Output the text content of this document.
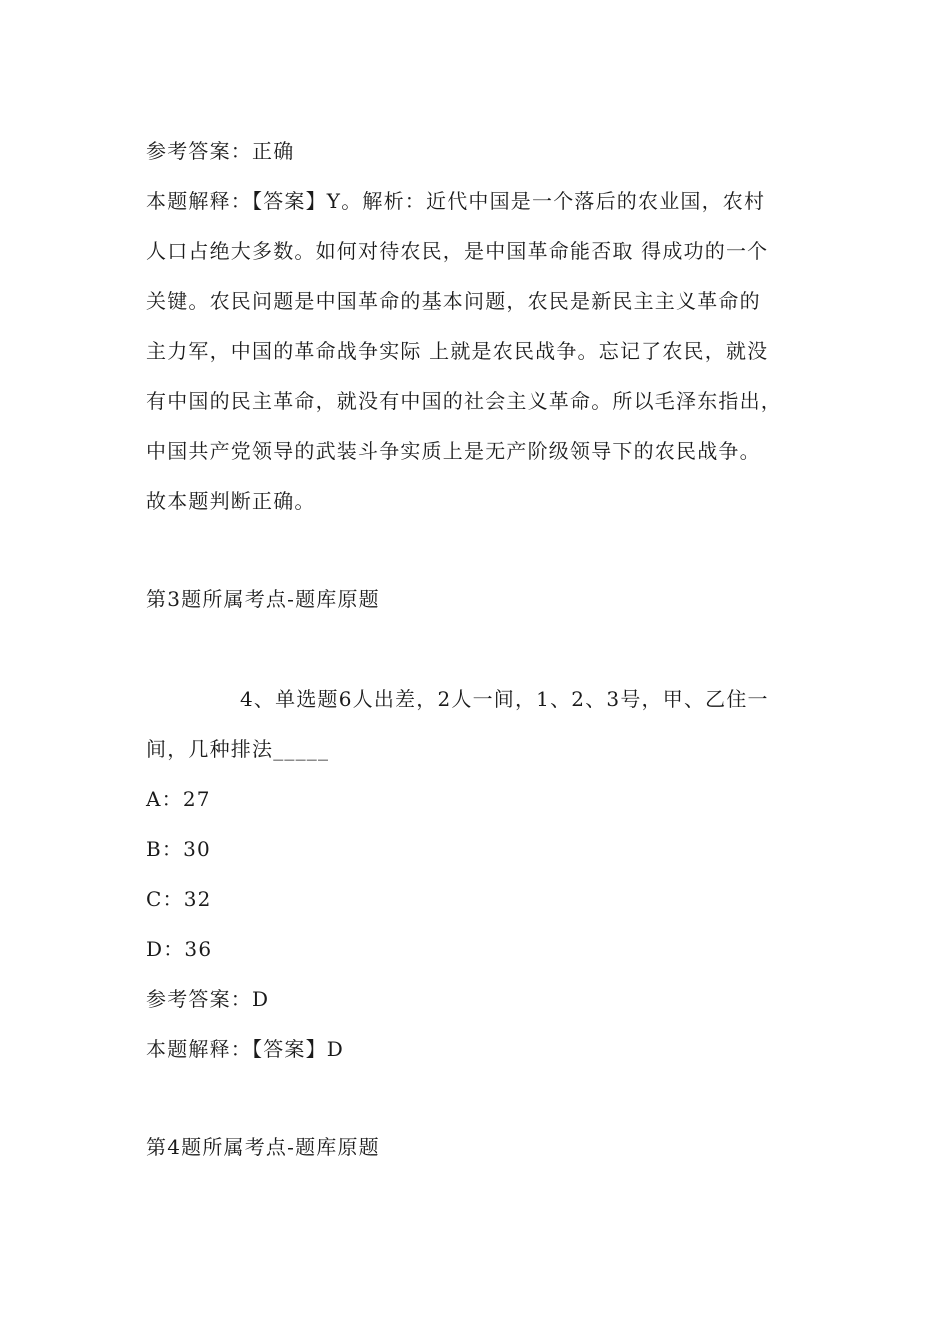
参考答案：正确
本题解释：【答案】Y。解析：近代中国是一个落后的农业国，农村
人口占绝大多数。如何对待农民，是中国革命能否取 得成功的一个
关键。农民问题是中国革命的基本问题，农民是新民主主义革命的
主力军，中国的革命战争实际 上就是农民战争。忘记了农民，就没
有中国的民主革命，就没有中国的社会主义革命。所以毛泽东指出，
中国共产党领导的武装斗争实质上是无产阶级领导下的农民战争。
故本题判断正确。
第3题所属考点-题库原题
4、单选题6人出差，2人一间，1、2、3号，甲、乙住一
间，几种排法_____
A：27
B：30
C：32
D：36
参考答案：D
本题解释：【答案】D
第4题所属考点-题库原题
